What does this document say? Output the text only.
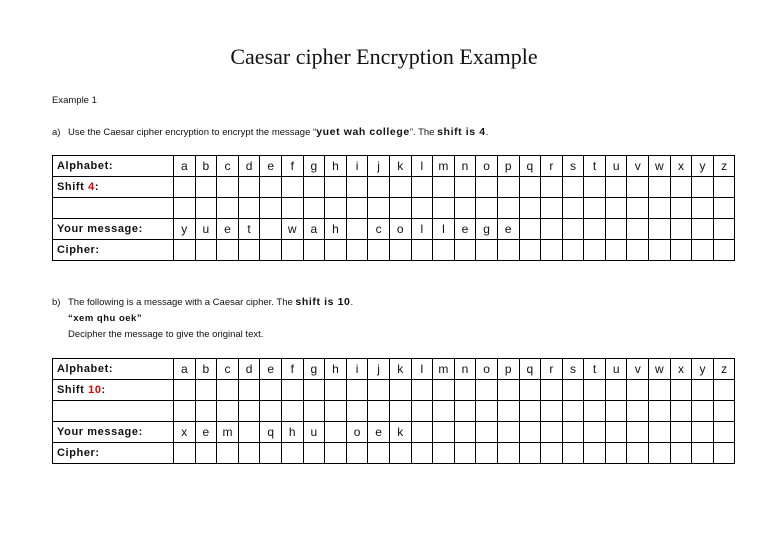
Caesar cipher Encryption Example
Example 1
a) Use the Caesar cipher encryption to encrypt the message “yuet wah college”. The shift is 4.
Alphabet:	a	b	c	d	e	f	g	h	i	j	k	l	m	n	o	p	q	r	s	t	u	v	w	x	y	z
Shift 4:																										

Your message:	y	u	e	t		w	a	h		c	o	l	l	e	g	e										
Cipher:																										
b) The following is a message with a Caesar cipher. The shift is 10.
“xem qhu oek”
Decipher the message to give the original text.
Alphabet:	a	b	c	d	e	f	g	h	i	j	k	l	m	n	o	p	q	r	s	t	u	v	w	x	y	z
Shift 10:																										

Your message:	x	e	m		q	h	u		o	e	k															
Cipher:																										
